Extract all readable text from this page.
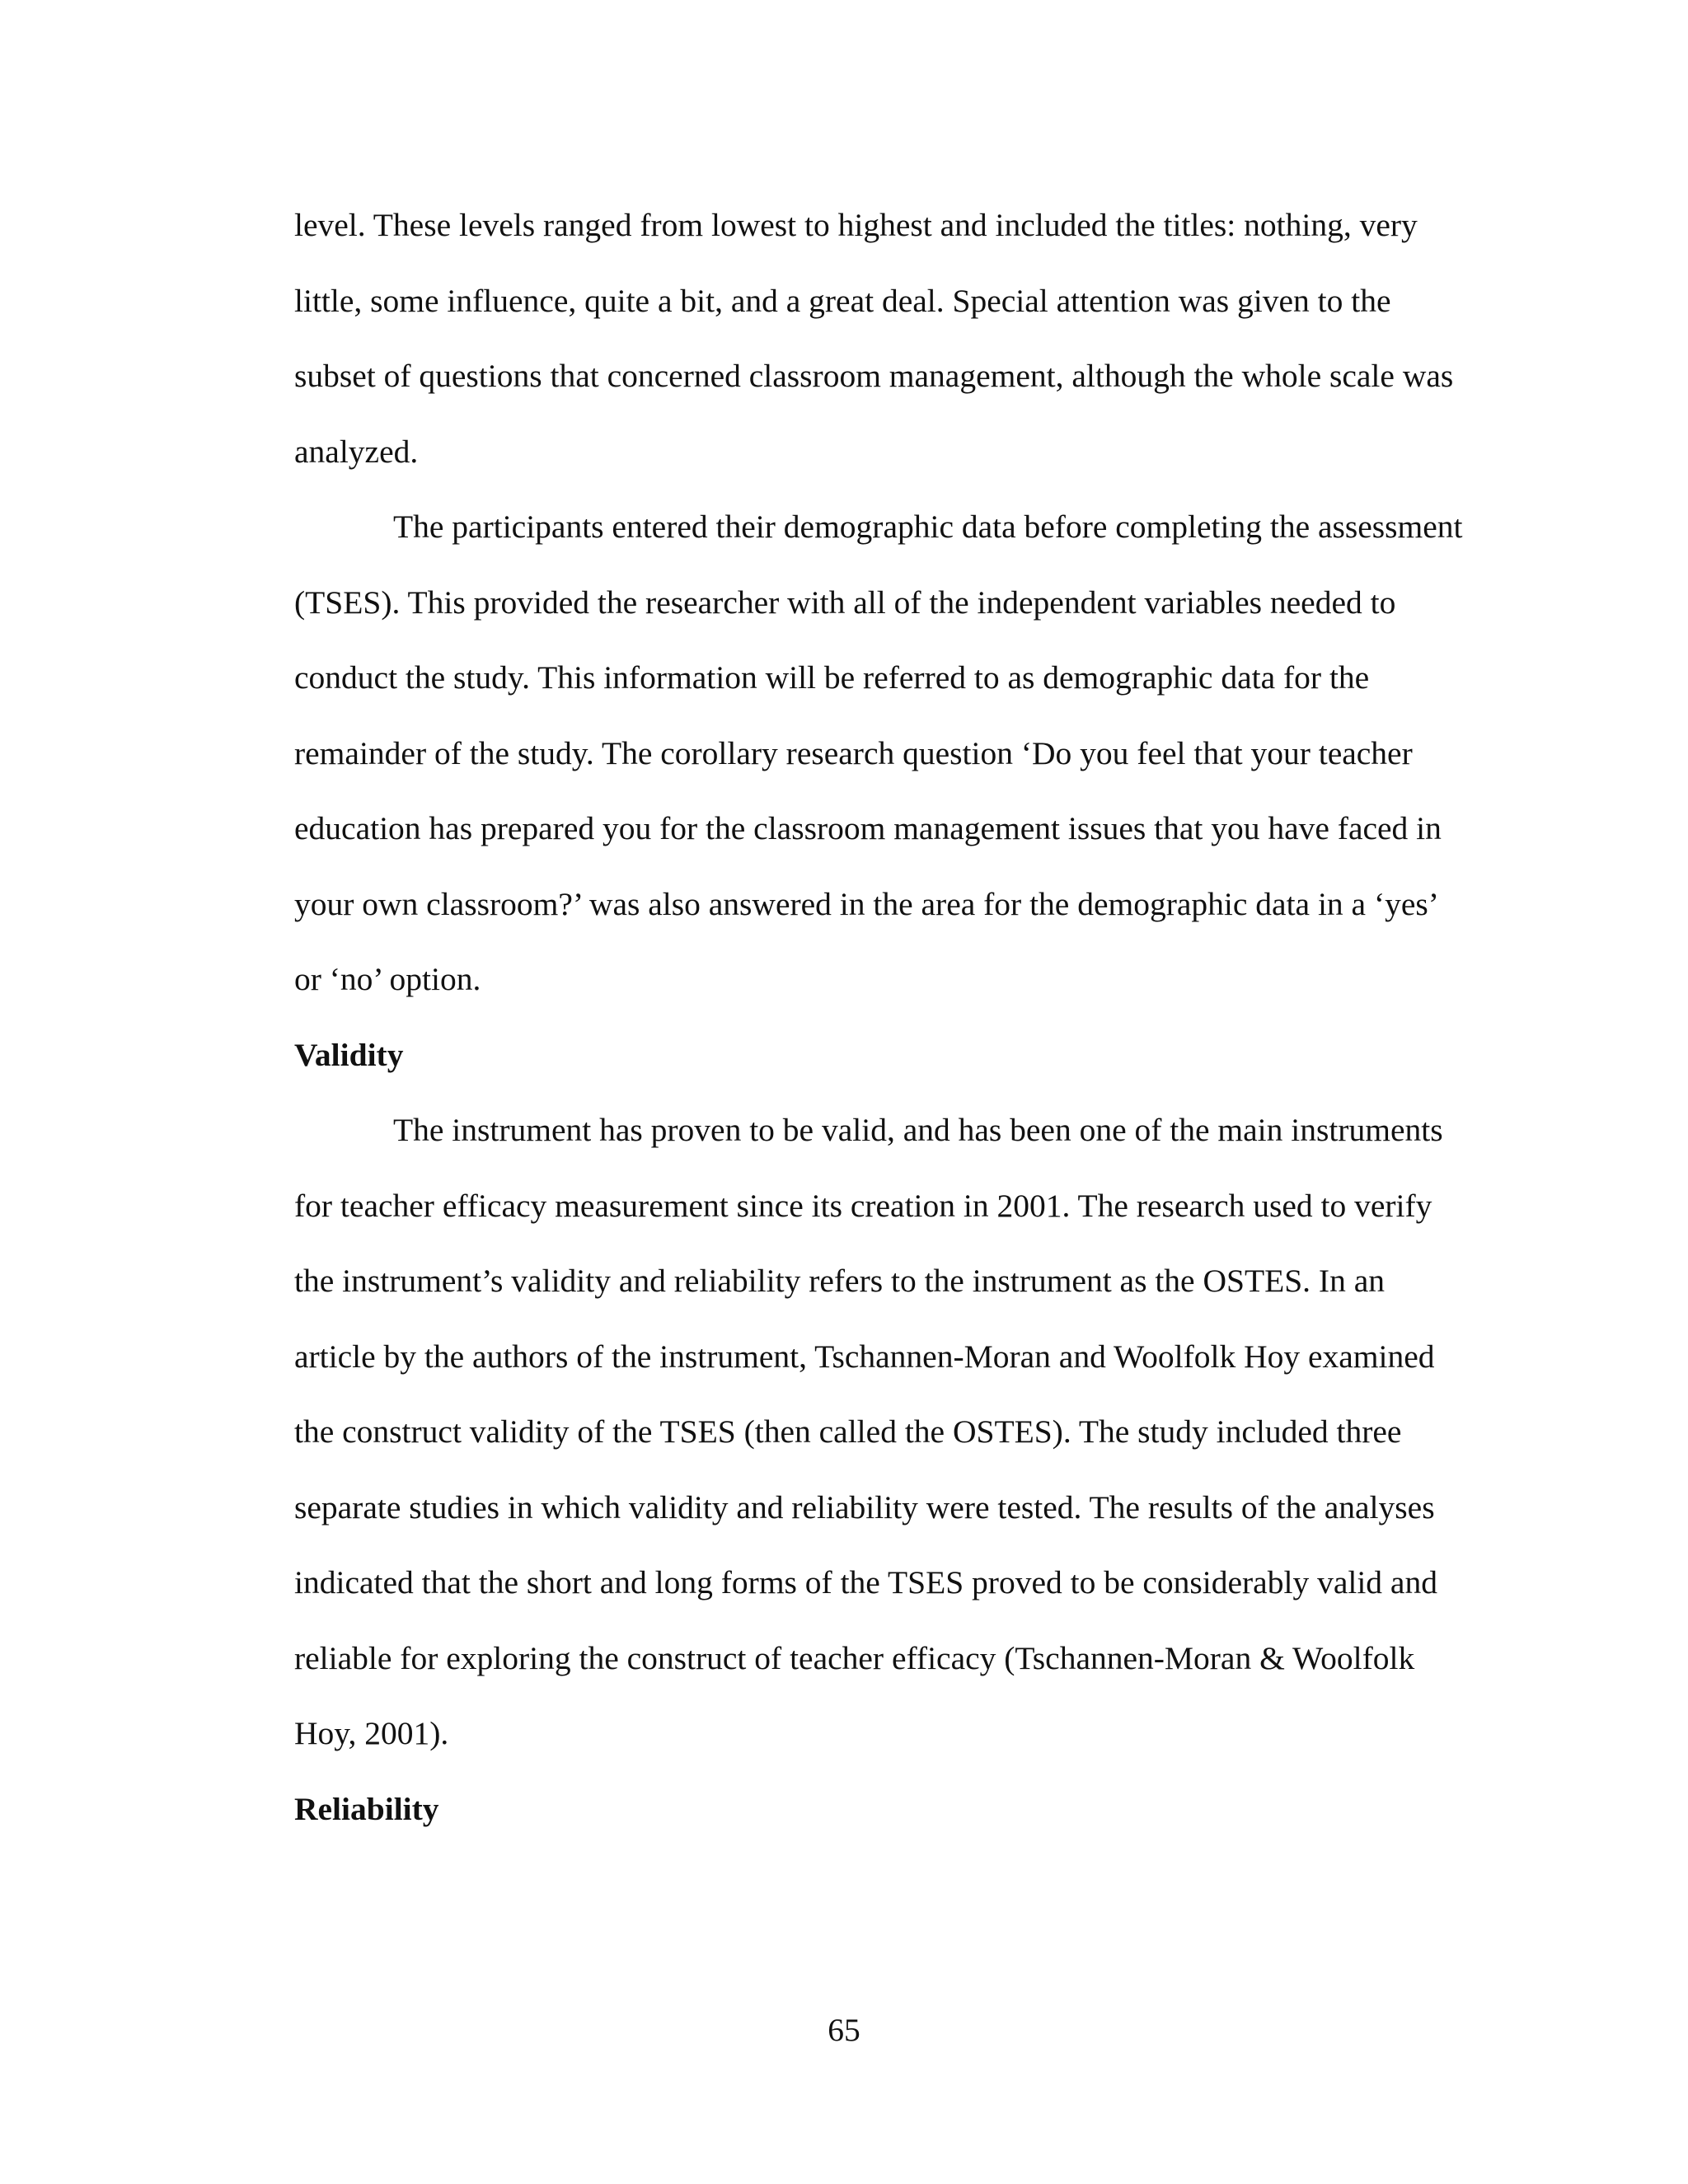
level. These levels ranged from lowest to highest and included the titles: nothing, very
little, some influence, quite a bit, and a great deal. Special attention was given to the
subset of questions that concerned classroom management, although the whole scale was
analyzed.
The participants entered their demographic data before completing the assessment
(TSES). This provided the researcher with all of the independent variables needed to
conduct the study. This information will be referred to as demographic data for the
remainder of the study. The corollary research question ‘Do you feel that your teacher
education has prepared you for the classroom management issues that you have faced in
your own classroom?’ was also answered in the area for the demographic data in a ‘yes’
or ‘no’ option.
Validity
The instrument has proven to be valid, and has been one of the main instruments
for teacher efficacy measurement since its creation in 2001. The research used to verify
the instrument’s validity and reliability refers to the instrument as the OSTES. In an
article by the authors of the instrument, Tschannen-Moran and Woolfolk Hoy examined
the construct validity of the TSES (then called the OSTES). The study included three
separate studies in which validity and reliability were tested. The results of the analyses
indicated that the short and long forms of the TSES proved to be considerably valid and
reliable for exploring the construct of teacher efficacy (Tschannen-Moran & Woolfolk
Hoy, 2001).
Reliability
65
